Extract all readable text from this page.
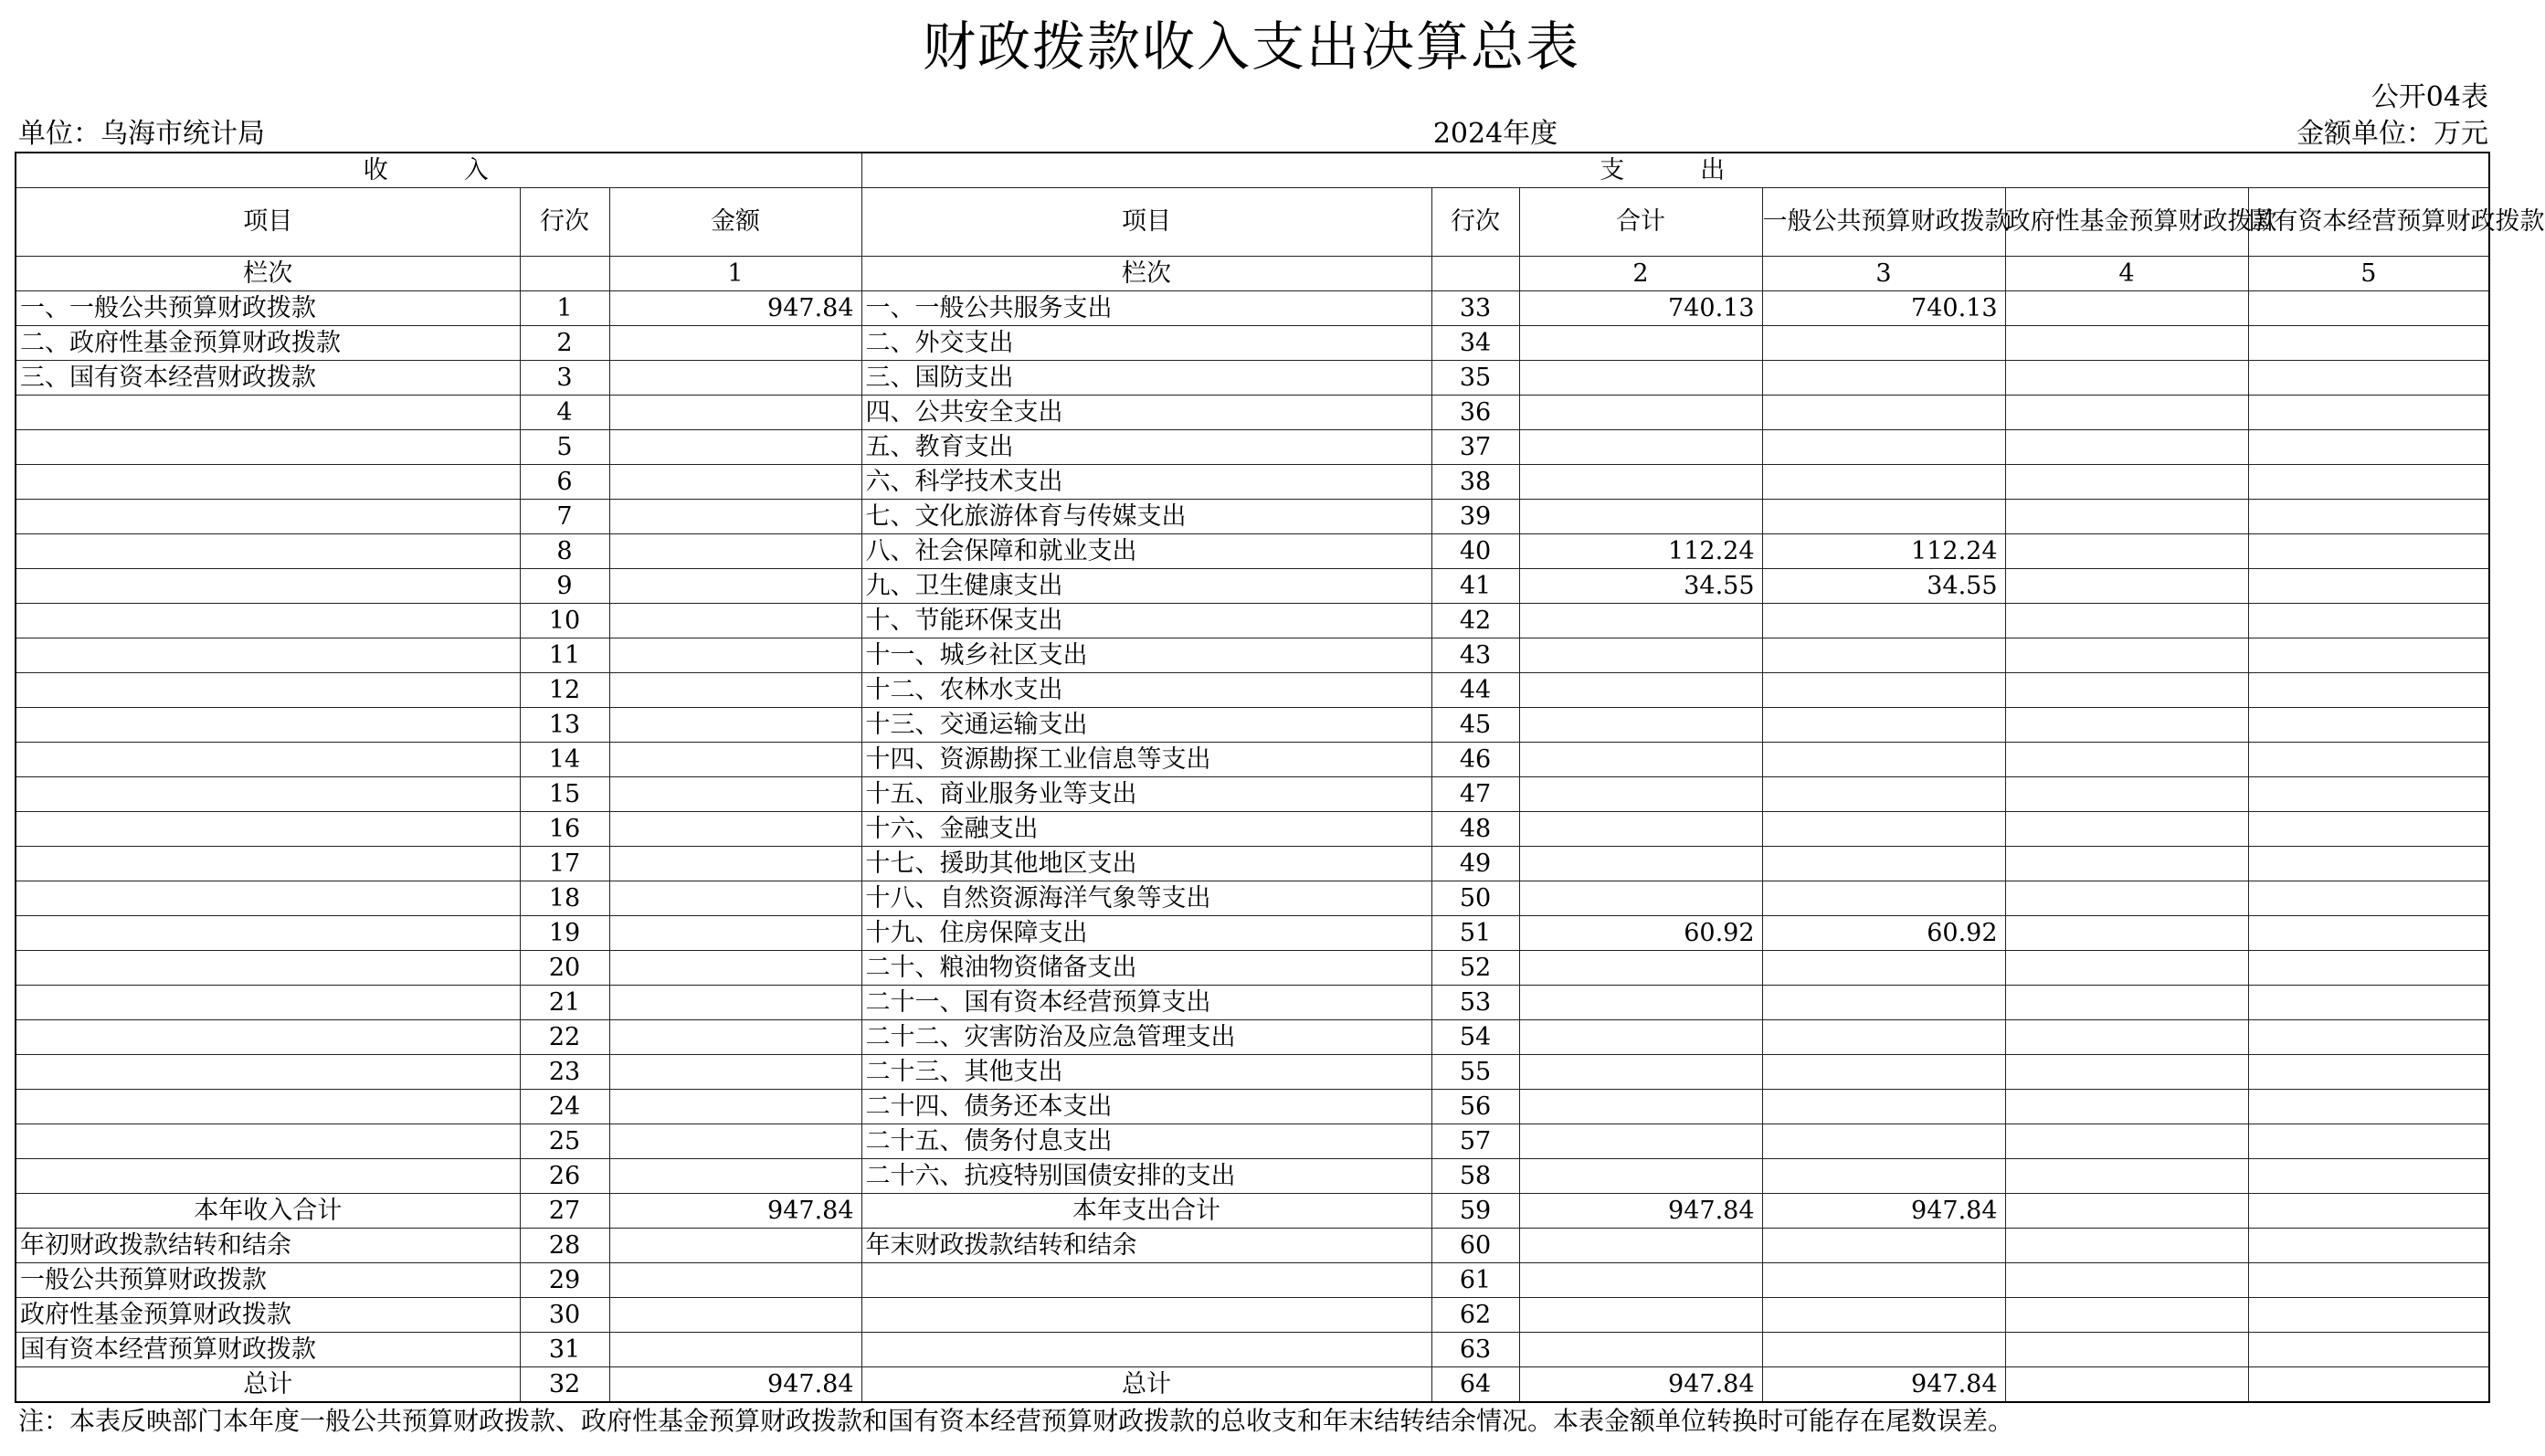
财政拨款收入支出决算总表
公开04表
单位：乌海市统计局	2024年度	金额单位：万元
收　入			支　出					
项目	行次	金额	项目	行次	合计	一般公共预算财政拨款	政府性基金预算财政拨款	国有资本经营预算财政拨款
栏次		1	栏次		2	3	4	5
一、一般公共预算财政拨款	1	947.84	一、一般公共服务支出	33	740.13	740.13		
二、政府性基金预算财政拨款	2		二、外交支出	34				
三、国有资本经营财政拨款	3		三、国防支出	35				
	4		四、公共安全支出	36				
	5		五、教育支出	37				
	6		六、科学技术支出	38				
	7		七、文化旅游体育与传媒支出	39				
	8		八、社会保障和就业支出	40	112.24	112.24		
	9		九、卫生健康支出	41	34.55	34.55		
	10		十、节能环保支出	42				
	11		十一、城乡社区支出	43				
	12		十二、农林水支出	44				
	13		十三、交通运输支出	45				
	14		十四、资源勘探工业信息等支出	46				
	15		十五、商业服务业等支出	47				
	16		十六、金融支出	48				
	17		十七、援助其他地区支出	49				
	18		十八、自然资源海洋气象等支出	50				
	19		十九、住房保障支出	51	60.92	60.92		
	20		二十、粮油物资储备支出	52				
	21		二十一、国有资本经营预算支出	53				
	22		二十二、灾害防治及应急管理支出	54				
	23		二十三、其他支出	55				
	24		二十四、债务还本支出	56				
	25		二十五、债务付息支出	57				
	26		二十六、抗疫特别国债安排的支出	58				
本年收入合计	27	947.84	本年支出合计	59	947.84	947.84		
年初财政拨款结转和结余	28		年末财政拨款结转和结余	60				
一般公共预算财政拨款	29			61				
政府性基金预算财政拨款	30			62				
国有资本经营预算财政拨款	31			63				
总计	32	947.84	总计	64	947.84	947.84		
注：本表反映部门本年度一般公共预算财政拨款、政府性基金预算财政拨款和国有资本经营预算财政拨款的总收支和年末结转结余情况。本表金额单位转换时可能存在尾数误差。
